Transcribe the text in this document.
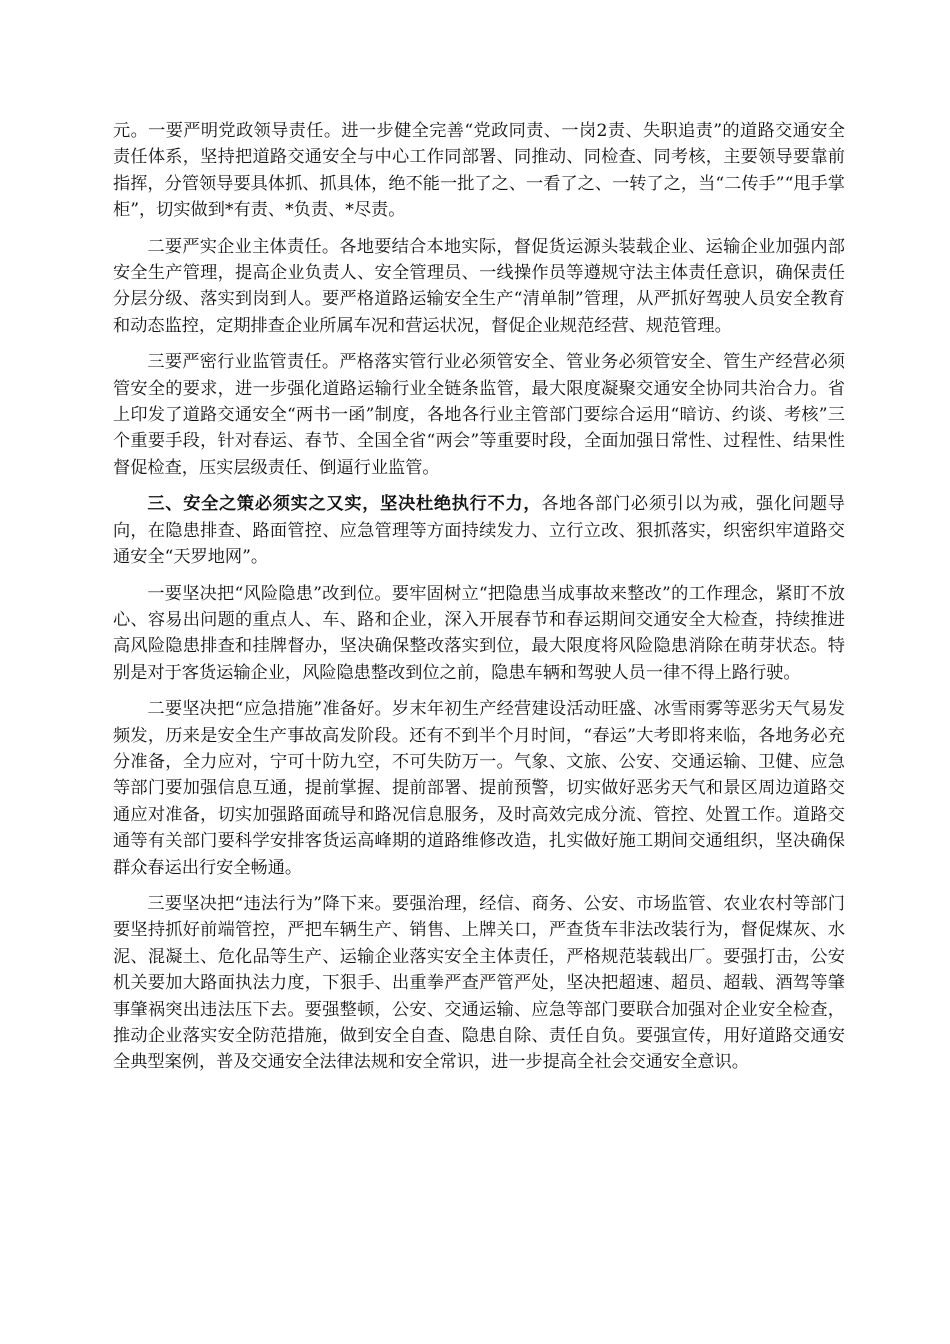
元。一要严明党政领导责任。进一步健全完善“党政同责、一岗2责、失职追责”的道路交通安全责任体系，坚持把道路交通安全与中心工作同部署、同推动、同检查、同考核，主要领导要靠前指挥，分管领导要具体抓、抓具体，绝不能一批了之、一看了之、一转了之，当“二传手”“甩手掌柜”，切实做到*有责、*负责、*尽责。

二要严实企业主体责任。各地要结合本地实际，督促货运源头装载企业、运输企业加强内部安全生产管理，提高企业负责人、安全管理员、一线操作员等遵规守法主体责任意识，确保责任分层分级、落实到岗到人。要严格道路运输安全生产“清单制”管理，从严抓好驾驶人员安全教育和动态监控，定期排查企业所属车况和营运状况，督促企业规范经营、规范管理。

三要严密行业监管责任。严格落实管行业必须管安全、管业务必须管安全、管生产经营必须管安全的要求，进一步强化道路运输行业全链条监管，最大限度凝聚交通安全协同共治合力。省上印发了道路交通安全“两书一函”制度，各地各行业主管部门要综合运用“暗访、约谈、考核”三个重要手段，针对春运、春节、全国全省“两会”等重要时段，全面加强日常性、过程性、结果性督促检查，压实层级责任、倒逼行业监管。

三、安全之策必须实之又实，坚决杜绝执行不力，各地各部门必须引以为戒，强化问题导向，在隐患排查、路面管控、应急管理等方面持续发力、立行立改、狠抓落实，织密织牢道路交通安全“天罗地网”。

一要坚决把“风险隐患”改到位。要牢固树立“把隐患当成事故来整改”的工作理念，紧盯不放心、容易出问题的重点人、车、路和企业，深入开展春节和春运期间交通安全大检查，持续推进高风险隐患排查和挂牌督办，坚决确保整改落实到位，最大限度将风险隐患消除在萌芽状态。特别是对于客货运输企业，风险隐患整改到位之前，隐患车辆和驾驶人员一律不得上路行驶。

二要坚决把“应急措施”准备好。岁末年初生产经营建设活动旺盛、冰雪雨雾等恶劣天气易发频发，历来是安全生产事故高发阶段。还有不到半个月时间，“春运”大考即将来临，各地务必充分准备，全力应对，宁可十防九空，不可失防万一。气象、文旅、公安、交通运输、卫健、应急等部门要加强信息互通，提前掌握、提前部署、提前预警，切实做好恶劣天气和景区周边道路交通应对准备，切实加强路面疏导和路况信息服务，及时高效完成分流、管控、处置工作。道路交通等有关部门要科学安排客货运高峰期的道路维修改造，扎实做好施工期间交通组织，坚决确保群众春运出行安全畅通。

三要坚决把“违法行为”降下来。要强治理，经信、商务、公安、市场监管、农业农村等部门要坚持抓好前端管控，严把车辆生产、销售、上牌关口，严查货车非法改装行为，督促煤灰、水泥、混凝土、危化品等生产、运输企业落实安全主体责任，严格规范装载出厂。要强打击，公安机关要加大路面执法力度，下狠手、出重拳严查严管严处，坚决把超速、超员、超载、酒驾等肇事肇祸突出违法压下去。要强整顿，公安、交通运输、应急等部门要联合加强对企业安全检查，推动企业落实安全防范措施，做到安全自查、隐患自除、责任自负。要强宣传，用好道路交通安全典型案例，普及交通安全法律法规和安全常识，进一步提高全社会交通安全意识。
